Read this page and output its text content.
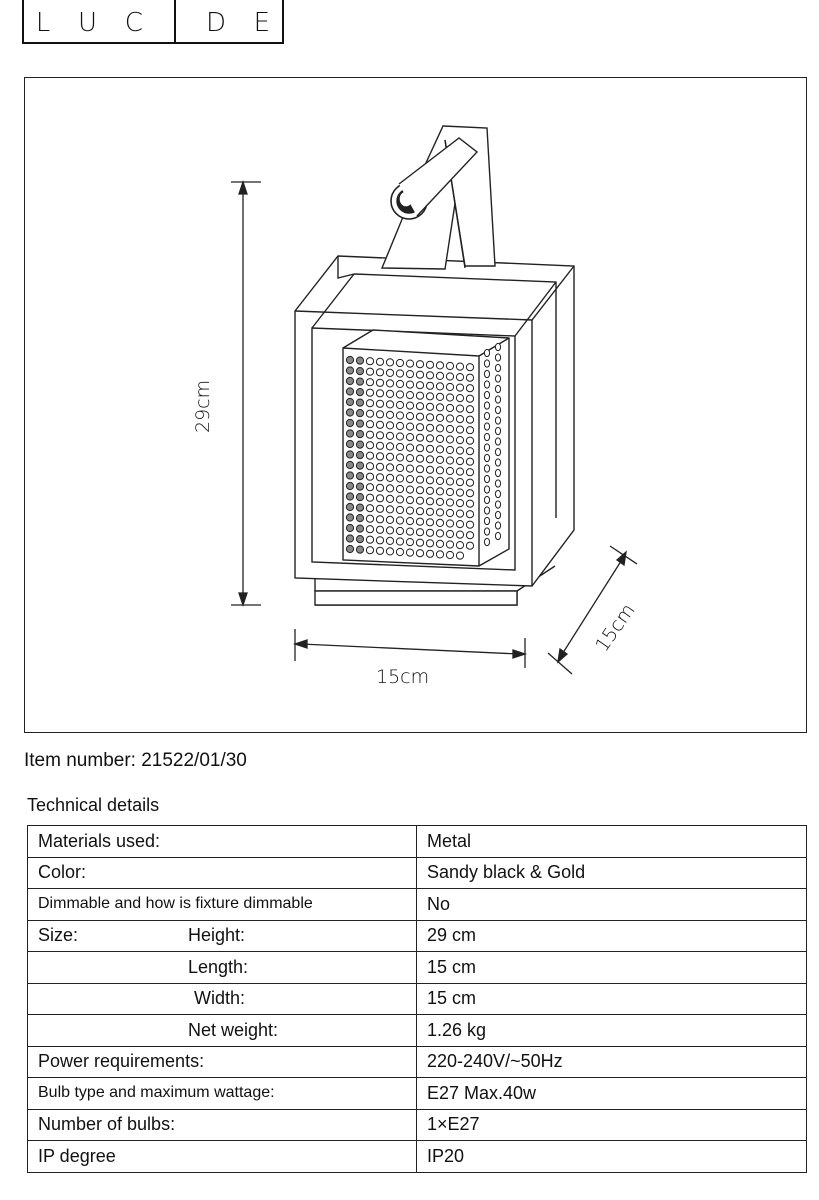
L U C D E
29cm
15cm
15cm
Item number: 21522/01/30
Technical details
Materials used:	Metal
Color:	Sandy black & Gold
Dimmable and how is fixture dimmable	No
Size: Height:	29 cm
Length:	15 cm
Width:	15 cm
Net weight:	1.26 kg
Power requirements:	220-240V/~50Hz
Bulb type and maximum wattage:	E27 Max.40w
Number of bulbs:	1×E27
IP degree	IP20
